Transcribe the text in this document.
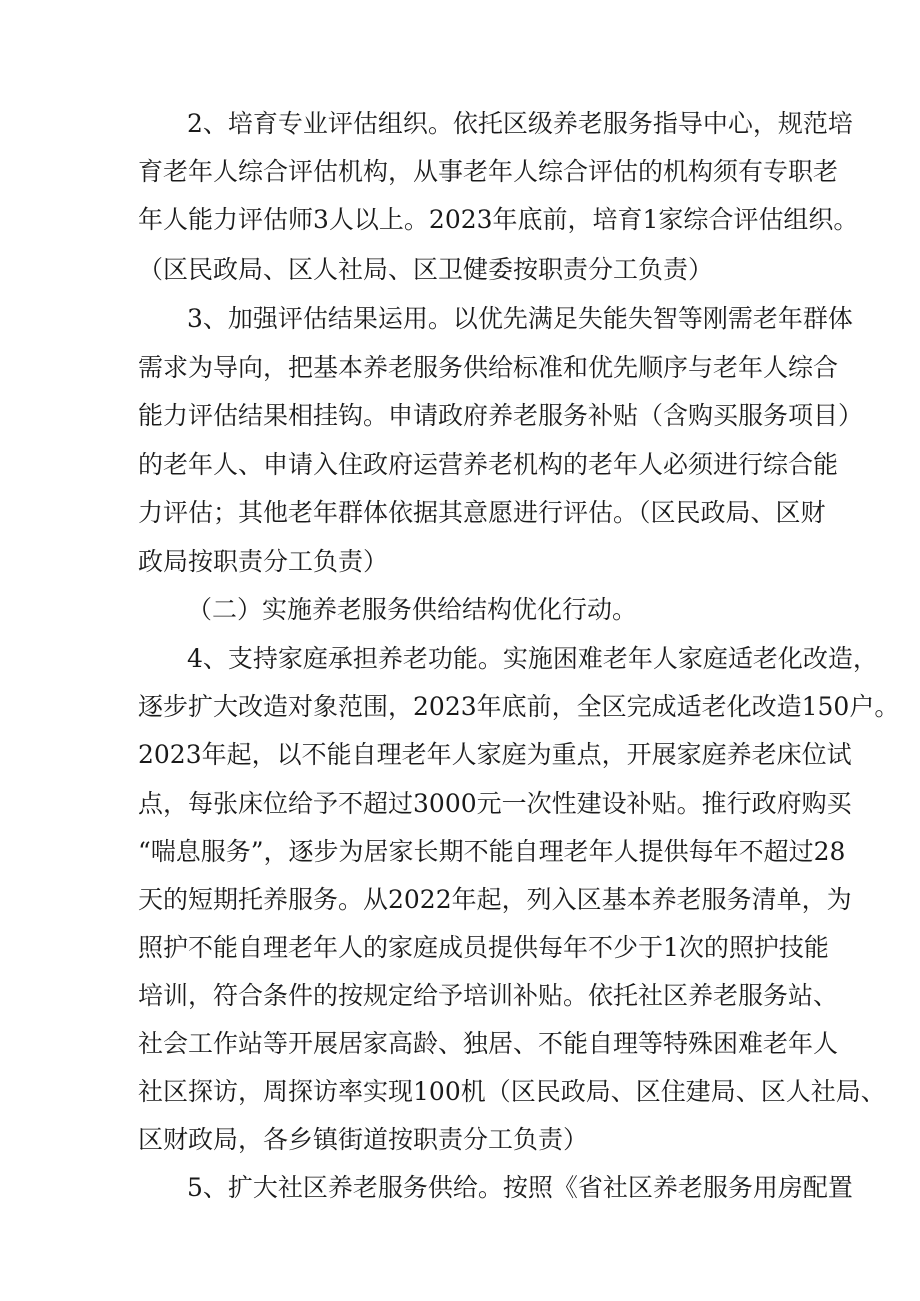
2、培育专业评估组织。依托区级养老服务指导中心，规范培
育老年人综合评估机构，从事老年人综合评估的机构须有专职老
年人能力评估师3人以上。2023年底前，培育1家综合评估组织。
（区民政局、区人社局、区卫健委按职责分工负责）
3、加强评估结果运用。以优先满足失能失智等刚需老年群体
需求为导向，把基本养老服务供给标准和优先顺序与老年人综合
能力评估结果相挂钩。申请政府养老服务补贴（含购买服务项目）
的老年人、申请入住政府运营养老机构的老年人必须进行综合能
力评估；其他老年群体依据其意愿进行评估。（区民政局、区财
政局按职责分工负责）
（二）实施养老服务供给结构优化行动。
4、支持家庭承担养老功能。实施困难老年人家庭适老化改造，
逐步扩大改造对象范围，2023年底前，全区完成适老化改造150户。
2023年起，以不能自理老年人家庭为重点，开展家庭养老床位试
点，每张床位给予不超过3000元一次性建设补贴。推行政府购买
“喘息服务”，逐步为居家长期不能自理老年人提供每年不超过28
天的短期托养服务。从2022年起，列入区基本养老服务清单，为
照护不能自理老年人的家庭成员提供每年不少于1次的照护技能
培训，符合条件的按规定给予培训补贴。依托社区养老服务站、
社会工作站等开展居家高龄、独居、不能自理等特殊困难老年人
社区探访，周探访率实现100机（区民政局、区住建局、区人社局、
区财政局，各乡镇街道按职责分工负责）
5、扩大社区养老服务供给。按照《省社区养老服务用房配置
